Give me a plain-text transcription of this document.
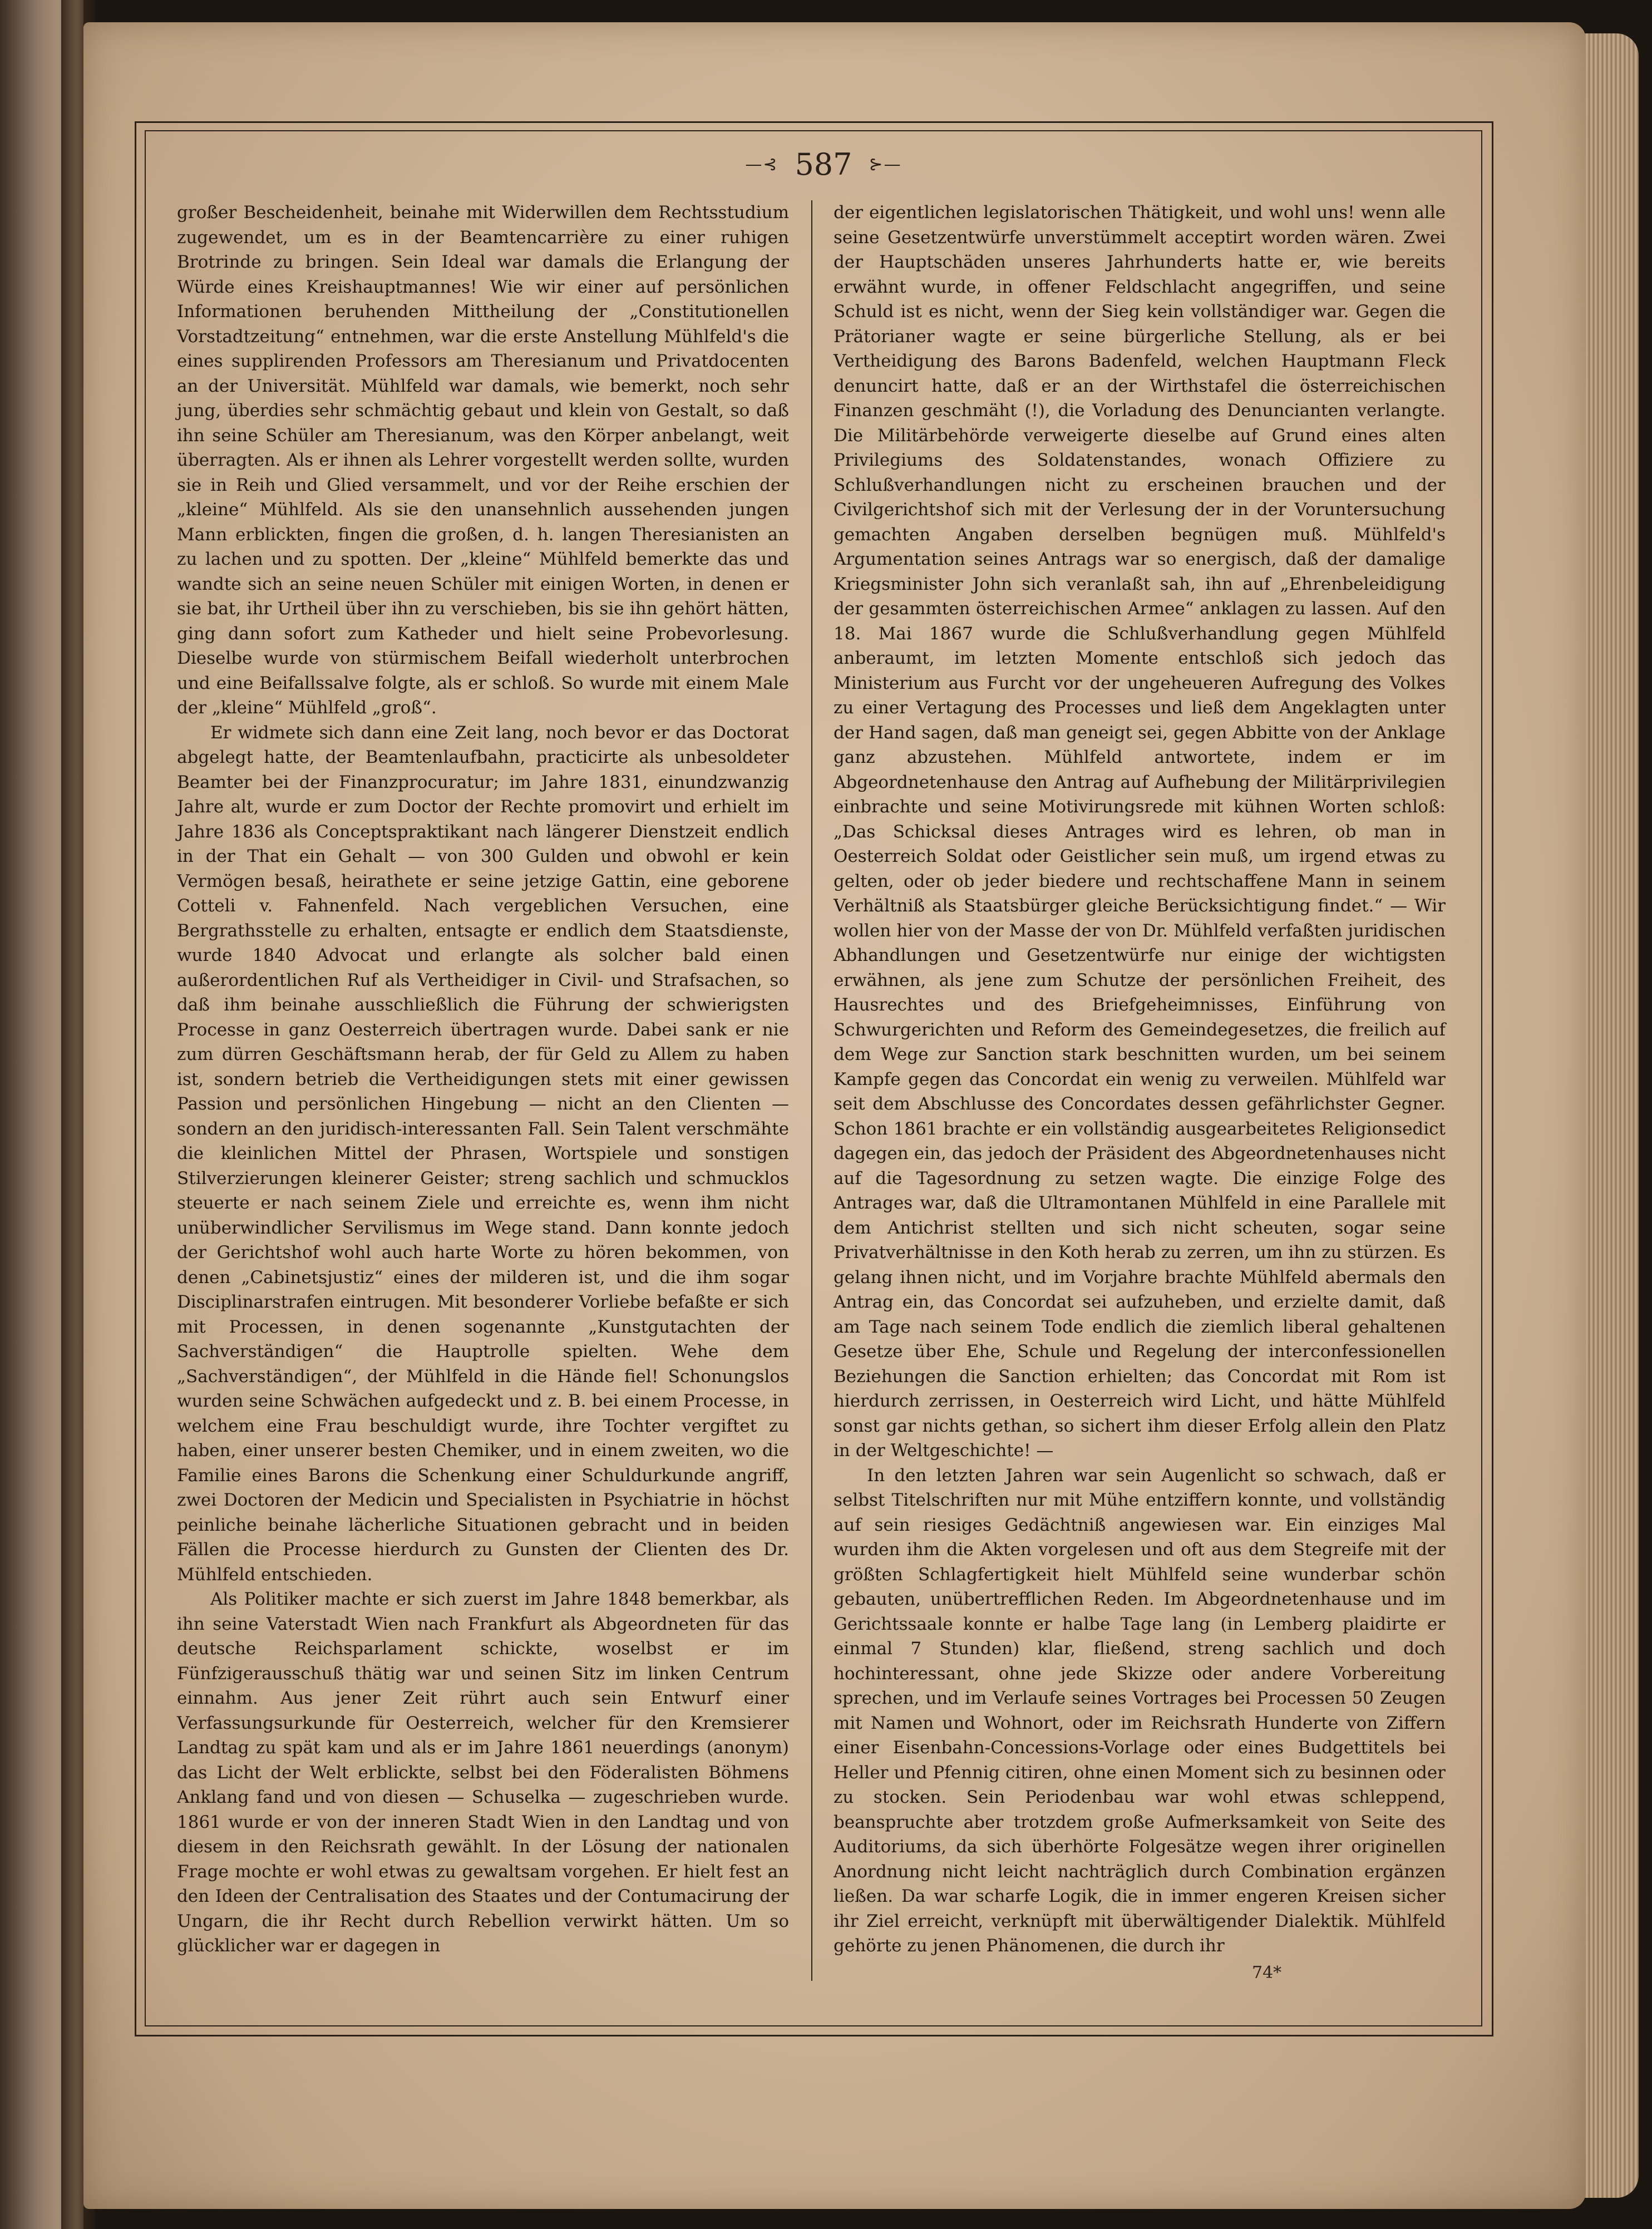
—⊰ 587 ⊱—

großer Bescheidenheit, beinahe mit Widerwillen dem Rechtsstudium zugewendet, um es in der Beamtencarrière zu einer ruhigen Brotrinde zu bringen. Sein Ideal war damals die Erlangung der Würde eines Kreishauptmannes! Wie wir einer auf persönlichen Informationen beruhenden Mittheilung der „Constitutionellen Vorstadtzeitung“ entnehmen, war die erste Anstellung Mühlfeld's die eines supplirenden Professors am Theresianum und Privatdocenten an der Universität. Mühlfeld war damals, wie bemerkt, noch sehr jung, überdies sehr schmächtig gebaut und klein von Gestalt, so daß ihn seine Schüler am Theresianum, was den Körper anbelangt, weit überragten. Als er ihnen als Lehrer vorgestellt werden sollte, wurden sie in Reih und Glied versammelt, und vor der Reihe erschien der „kleine“ Mühlfeld. Als sie den unansehnlich aussehenden jungen Mann erblickten, fingen die großen, d. h. langen Theresianisten an zu lachen und zu spotten. Der „kleine“ Mühlfeld bemerkte das und wandte sich an seine neuen Schüler mit einigen Worten, in denen er sie bat, ihr Urtheil über ihn zu verschieben, bis sie ihn gehört hätten, ging dann sofort zum Katheder und hielt seine Probevorlesung. Dieselbe wurde von stürmischem Beifall wiederholt unterbrochen und eine Beifallssalve folgte, als er schloß. So wurde mit einem Male der „kleine“ Mühlfeld „groß“.

Er widmete sich dann eine Zeit lang, noch bevor er das Doctorat abgelegt hatte, der Beamtenlaufbahn, practicirte als unbesoldeter Beamter bei der Finanzprocuratur; im Jahre 1831, einundzwanzig Jahre alt, wurde er zum Doctor der Rechte promovirt und erhielt im Jahre 1836 als Conceptspraktikant nach längerer Dienstzeit endlich in der That ein Gehalt — von 300 Gulden und obwohl er kein Vermögen besaß, heirathete er seine jetzige Gattin, eine geborene Cotteli v. Fahnenfeld. Nach vergeblichen Versuchen, eine Bergrathsstelle zu erhalten, entsagte er endlich dem Staatsdienste, wurde 1840 Advocat und erlangte als solcher bald einen außerordentlichen Ruf als Vertheidiger in Civil- und Strafsachen, so daß ihm beinahe ausschließlich die Führung der schwierigsten Processe in ganz Oesterreich übertragen wurde. Dabei sank er nie zum dürren Geschäftsmann herab, der für Geld zu Allem zu haben ist, sondern betrieb die Vertheidigungen stets mit einer gewissen Passion und persönlichen Hingebung — nicht an den Clienten — sondern an den juridisch-interessanten Fall. Sein Talent verschmähte die kleinlichen Mittel der Phrasen, Wortspiele und sonstigen Stilverzierungen kleinerer Geister; streng sachlich und schmucklos steuerte er nach seinem Ziele und erreichte es, wenn ihm nicht unüberwindlicher Servilismus im Wege stand. Dann konnte jedoch der Gerichtshof wohl auch harte Worte zu hören bekommen, von denen „Cabinetsjustiz“ eines der milderen ist, und die ihm sogar Disciplinarstrafen eintrugen. Mit besonderer Vorliebe befaßte er sich mit Processen, in denen sogenannte „Kunstgutachten der Sachverständigen“ die Hauptrolle spielten. Wehe dem „Sachverständigen“, der Mühlfeld in die Hände fiel! Schonungslos wurden seine Schwächen aufgedeckt und z. B. bei einem Processe, in welchem eine Frau beschuldigt wurde, ihre Tochter vergiftet zu haben, einer unserer besten Chemiker, und in einem zweiten, wo die Familie eines Barons die Schenkung einer Schuldurkunde angriff, zwei Doctoren der Medicin und Specialisten in Psychiatrie in höchst peinliche beinahe lächerliche Situationen gebracht und in beiden Fällen die Processe hierdurch zu Gunsten der Clienten des Dr. Mühlfeld entschieden.

Als Politiker machte er sich zuerst im Jahre 1848 bemerkbar, als ihn seine Vaterstadt Wien nach Frankfurt als Abgeordneten für das deutsche Reichsparlament schickte, woselbst er im Fünfzigerausschuß thätig war und seinen Sitz im linken Centrum einnahm. Aus jener Zeit rührt auch sein Entwurf einer Verfassungsurkunde für Oesterreich, welcher für den Kremsierer Landtag zu spät kam und als er im Jahre 1861 neuerdings (anonym) das Licht der Welt erblickte, selbst bei den Föderalisten Böhmens Anklang fand und von diesen — Schuselka — zugeschrieben wurde. 1861 wurde er von der inneren Stadt Wien in den Landtag und von diesem in den Reichsrath gewählt. In der Lösung der nationalen Frage mochte er wohl etwas zu gewaltsam vorgehen. Er hielt fest an den Ideen der Centralisation des Staates und der Contumacirung der Ungarn, die ihr Recht durch Rebellion verwirkt hätten. Um so glücklicher war er dagegen in

der eigentlichen legislatorischen Thätigkeit, und wohl uns! wenn alle seine Gesetzentwürfe unverstümmelt acceptirt worden wären. Zwei der Hauptschäden unseres Jahrhunderts hatte er, wie bereits erwähnt wurde, in offener Feldschlacht angegriffen, und seine Schuld ist es nicht, wenn der Sieg kein vollständiger war. Gegen die Prätorianer wagte er seine bürgerliche Stellung, als er bei Vertheidigung des Barons Badenfeld, welchen Hauptmann Fleck denuncirt hatte, daß er an der Wirthstafel die österreichischen Finanzen geschmäht (!), die Vorladung des Denuncianten verlangte. Die Militärbehörde verweigerte dieselbe auf Grund eines alten Privilegiums des Soldatenstandes, wonach Offiziere zu Schlußverhandlungen nicht zu erscheinen brauchen und der Civilgerichtshof sich mit der Verlesung der in der Voruntersuchung gemachten Angaben derselben begnügen muß. Mühlfeld's Argumentation seines Antrags war so energisch, daß der damalige Kriegsminister John sich veranlaßt sah, ihn auf „Ehrenbeleidigung der gesammten österreichischen Armee“ anklagen zu lassen. Auf den 18. Mai 1867 wurde die Schlußverhandlung gegen Mühlfeld anberaumt, im letzten Momente entschloß sich jedoch das Ministerium aus Furcht vor der ungeheueren Aufregung des Volkes zu einer Vertagung des Processes und ließ dem Angeklagten unter der Hand sagen, daß man geneigt sei, gegen Abbitte von der Anklage ganz abzustehen. Mühlfeld antwortete, indem er im Abgeordnetenhause den Antrag auf Aufhebung der Militärprivilegien einbrachte und seine Motivirungsrede mit kühnen Worten schloß: „Das Schicksal dieses Antrages wird es lehren, ob man in Oesterreich Soldat oder Geistlicher sein muß, um irgend etwas zu gelten, oder ob jeder biedere und rechtschaffene Mann in seinem Verhältniß als Staatsbürger gleiche Berücksichtigung findet.“ — Wir wollen hier von der Masse der von Dr. Mühlfeld verfaßten juridischen Abhandlungen und Gesetzentwürfe nur einige der wichtigsten erwähnen, als jene zum Schutze der persönlichen Freiheit, des Hausrechtes und des Briefgeheimnisses, Einführung von Schwurgerichten und Reform des Gemeindegesetzes, die freilich auf dem Wege zur Sanction stark beschnitten wurden, um bei seinem Kampfe gegen das Concordat ein wenig zu verweilen. Mühlfeld war seit dem Abschlusse des Concordates dessen gefährlichster Gegner. Schon 1861 brachte er ein vollständig ausgearbeitetes Religionsedict dagegen ein, das jedoch der Präsident des Abgeordnetenhauses nicht auf die Tagesordnung zu setzen wagte. Die einzige Folge des Antrages war, daß die Ultramontanen Mühlfeld in eine Parallele mit dem Antichrist stellten und sich nicht scheuten, sogar seine Privatverhältnisse in den Koth herab zu zerren, um ihn zu stürzen. Es gelang ihnen nicht, und im Vorjahre brachte Mühlfeld abermals den Antrag ein, das Concordat sei aufzuheben, und erzielte damit, daß am Tage nach seinem Tode endlich die ziemlich liberal gehaltenen Gesetze über Ehe, Schule und Regelung der interconfessionellen Beziehungen die Sanction erhielten; das Concordat mit Rom ist hierdurch zerrissen, in Oesterreich wird Licht, und hätte Mühlfeld sonst gar nichts gethan, so sichert ihm dieser Erfolg allein den Platz in der Weltgeschichte! —

In den letzten Jahren war sein Augenlicht so schwach, daß er selbst Titelschriften nur mit Mühe entziffern konnte, und vollständig auf sein riesiges Gedächtniß angewiesen war. Ein einziges Mal wurden ihm die Akten vorgelesen und oft aus dem Stegreife mit der größten Schlagfertigkeit hielt Mühlfeld seine wunderbar schön gebauten, unübertrefflichen Reden. Im Abgeordnetenhause und im Gerichtssaale konnte er halbe Tage lang (in Lemberg plaidirte er einmal 7 Stunden) klar, fließend, streng sachlich und doch hochinteressant, ohne jede Skizze oder andere Vorbereitung sprechen, und im Verlaufe seines Vortrages bei Processen 50 Zeugen mit Namen und Wohnort, oder im Reichsrath Hunderte von Ziffern einer Eisenbahn-Concessions-Vorlage oder eines Budgettitels bei Heller und Pfennig citiren, ohne einen Moment sich zu besinnen oder zu stocken. Sein Periodenbau war wohl etwas schleppend, beanspruchte aber trotzdem große Aufmerksamkeit von Seite des Auditoriums, da sich überhörte Folgesätze wegen ihrer originellen Anordnung nicht leicht nachträglich durch Combination ergänzen ließen. Da war scharfe Logik, die in immer engeren Kreisen sicher ihr Ziel erreicht, verknüpft mit überwältigender Dialektik. Mühlfeld gehörte zu jenen Phänomenen, die durch ihr

74*
